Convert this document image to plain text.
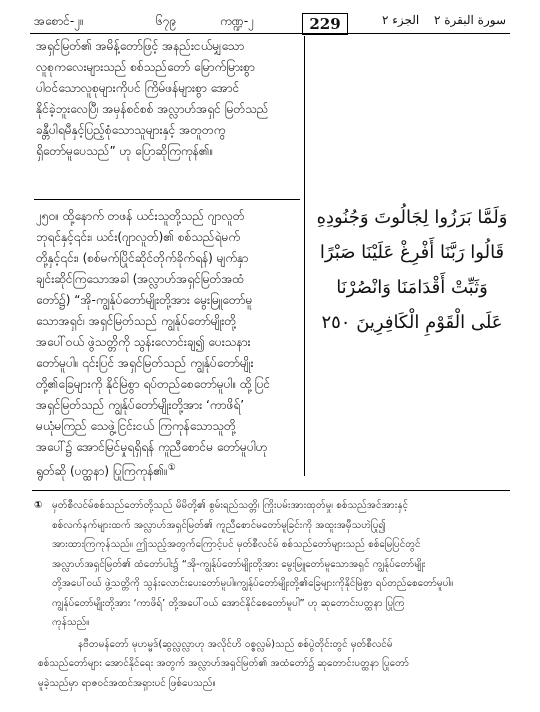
အစောင်-၂။	၆၇၉	ကဏ္ဍ-၂	229	الجزء ٢ سورة البقرة ٢
အရှင်မြတ်၏ အမိန့်တော်ဖြင့် အနည်းငယ်မျှသော
လူစုကလေးများသည် စစ်သည်တော် မြောက်မြားစွာ
ပါဝင်သောလူစုများကိုပင် ကြိမ်ဖန်များစွာ အောင်
နိုင်ခဲ့ဘူးလေပြီ၊ အမှန်စင်စစ် အလ္လာဟ်အရှင် မြတ်သည်
ခန္တီပါရမီနှင့်ပြည့်စုံသောသူများနှင့် အတူတကွ
ရှိတော်မူပေသည်” ဟု ပြောဆိုကြကုန်၏။
၂၅၀။ ထို့နောက် တဖန် ယင်းသူတို့သည် ဂျာလူတ်
ဘုရင်နှင့်၎င်း၊ ယင်း(ဂျာလူတ်)၏ စစ်သည်ရဲမက်
တို့နှင့်၎င်း၊ (စစ်မက်ပြိုင်ဆိုင်တိုက်ခိုက်ရန်) မျက်နှာ
ချင်းဆိုင်ကြသောအခါ (အလ္လာဟ်အရှင်မြတ်အထံ
တော်၌) “အို-ကျွန်ုပ်တော်မျိုးတို့အား မွေးမြူတော်မူ
သောအရှင်၊ အရှင်မြတ်သည် ကျွန်ုပ်တော်မျိုးတို့
အပေါ်ဝယ် ဖွဲသတ္တိကို သွန်းလောင်းချ၍ ပေးသနား
တော်မူပါ။ ၎င်းပြင် အရှင်မြတ်သည် ကျွန်ုပ်တော်မျိုး
တို့၏ခြေများကို နိုင်မြဲစွာ ရပ်တည်စေတော်မူပါ။ ထို့ပြင်
အရှင်မြတ်သည် ကျွန်ုပ်တော်မျိုးတို့အား ‘ကာဖိရ်’
မယုံမကြည် သေဖွဲ့ငြင်းငယ် ကြကုန်သောသူတို့
အပေါ်၌ အောင်မြင်မှုရရှိရန် ကူညီစောင်မ တော်မူပါဟု
ရွတ်ဆို (ပတ္ထနာ) ပြုကြကုန်၏။①
وَلَمَّا بَرَزُوا لِجَالُوتَ وَجُنُودِهِ
قَالُوا رَبَّنَا أَفْرِغْ عَلَيْنَا صَبْرًا
وَثَبِّتْ أَقْدَامَنَا وَانْصُرْنَا
عَلَى الْقَوْمِ الْكَافِرِينَ ٢٥٠
① မှတ်စီလင်မ်စစ်သည်တော်တို့သည် မိမိတို့၏ စွမ်းရည်သတ္တိ၊ ကြိုးပမ်းအားထုတ်မှု၊ စစ်သည်အင်အားနှင့်
စစ်လက်နက်များထက် အလ္လာဟ်အရှင်မြတ်၏ ကူညီစောင်မတော်မူခြင်းကို အထူးအမှီသဟဲပြု၍
အားထားကြကုန်သည်။ ဤသည့်အတွက်ကြောင့်ပင် မှတ်စီလင်မ် စစ်သည်တော်များသည် စစ်မြေပြင်တွင်
အလ္လာဟ်အရှင်မြတ်၏ ထံတော်ပါး၌ “အို-ကျွန်ုပ်တော်မျိုးတို့အား မွေးမြူတော်မူသောအရှင် ကျွန်ုပ်တော်မျိုး
တို့အပေါ်ဝယ် ဖွဲ့သတ္တိကို သွန်းလောင်းပေးတော်မူပါ။ကျွန်ုပ်တော်မျိုးတို့၏ခြေများကိုနိုင်မြဲစွာ ရပ်တည်စေတော်မူပါ။
ကျွန်ုပ်တော်မျိုးတို့အား ‘ကာဖိရ်’ တို့အပေါ်ဝယ် အောင်နိုင်စေတော်မူပါ” ဟု ဆုတောင်းပတ္ထနာ ပြုကြ
ကုန်သည်။
နဗီတမန်တော် မုဟမ္မဒ်(ဆွလ္လလ္လာဟု အလိုင်ဟိ ဝစ္စလ္လမ်)သည် စစ်ပွဲတိုင်းတွင် မှတ်စီလင်မ်
စစ်သည်တော်များ အောင်နိုင်ရေး အတွက် အလ္လာဟ်အရှင်မြတ်၏ အထံတော်၌ ဆုတောင်းပတ္ထနာ ပြုတော်
မူခဲ့သည်မှာ ရာဇဝင်အထင်အရှားပင် ဖြစ်ပေသည်။
